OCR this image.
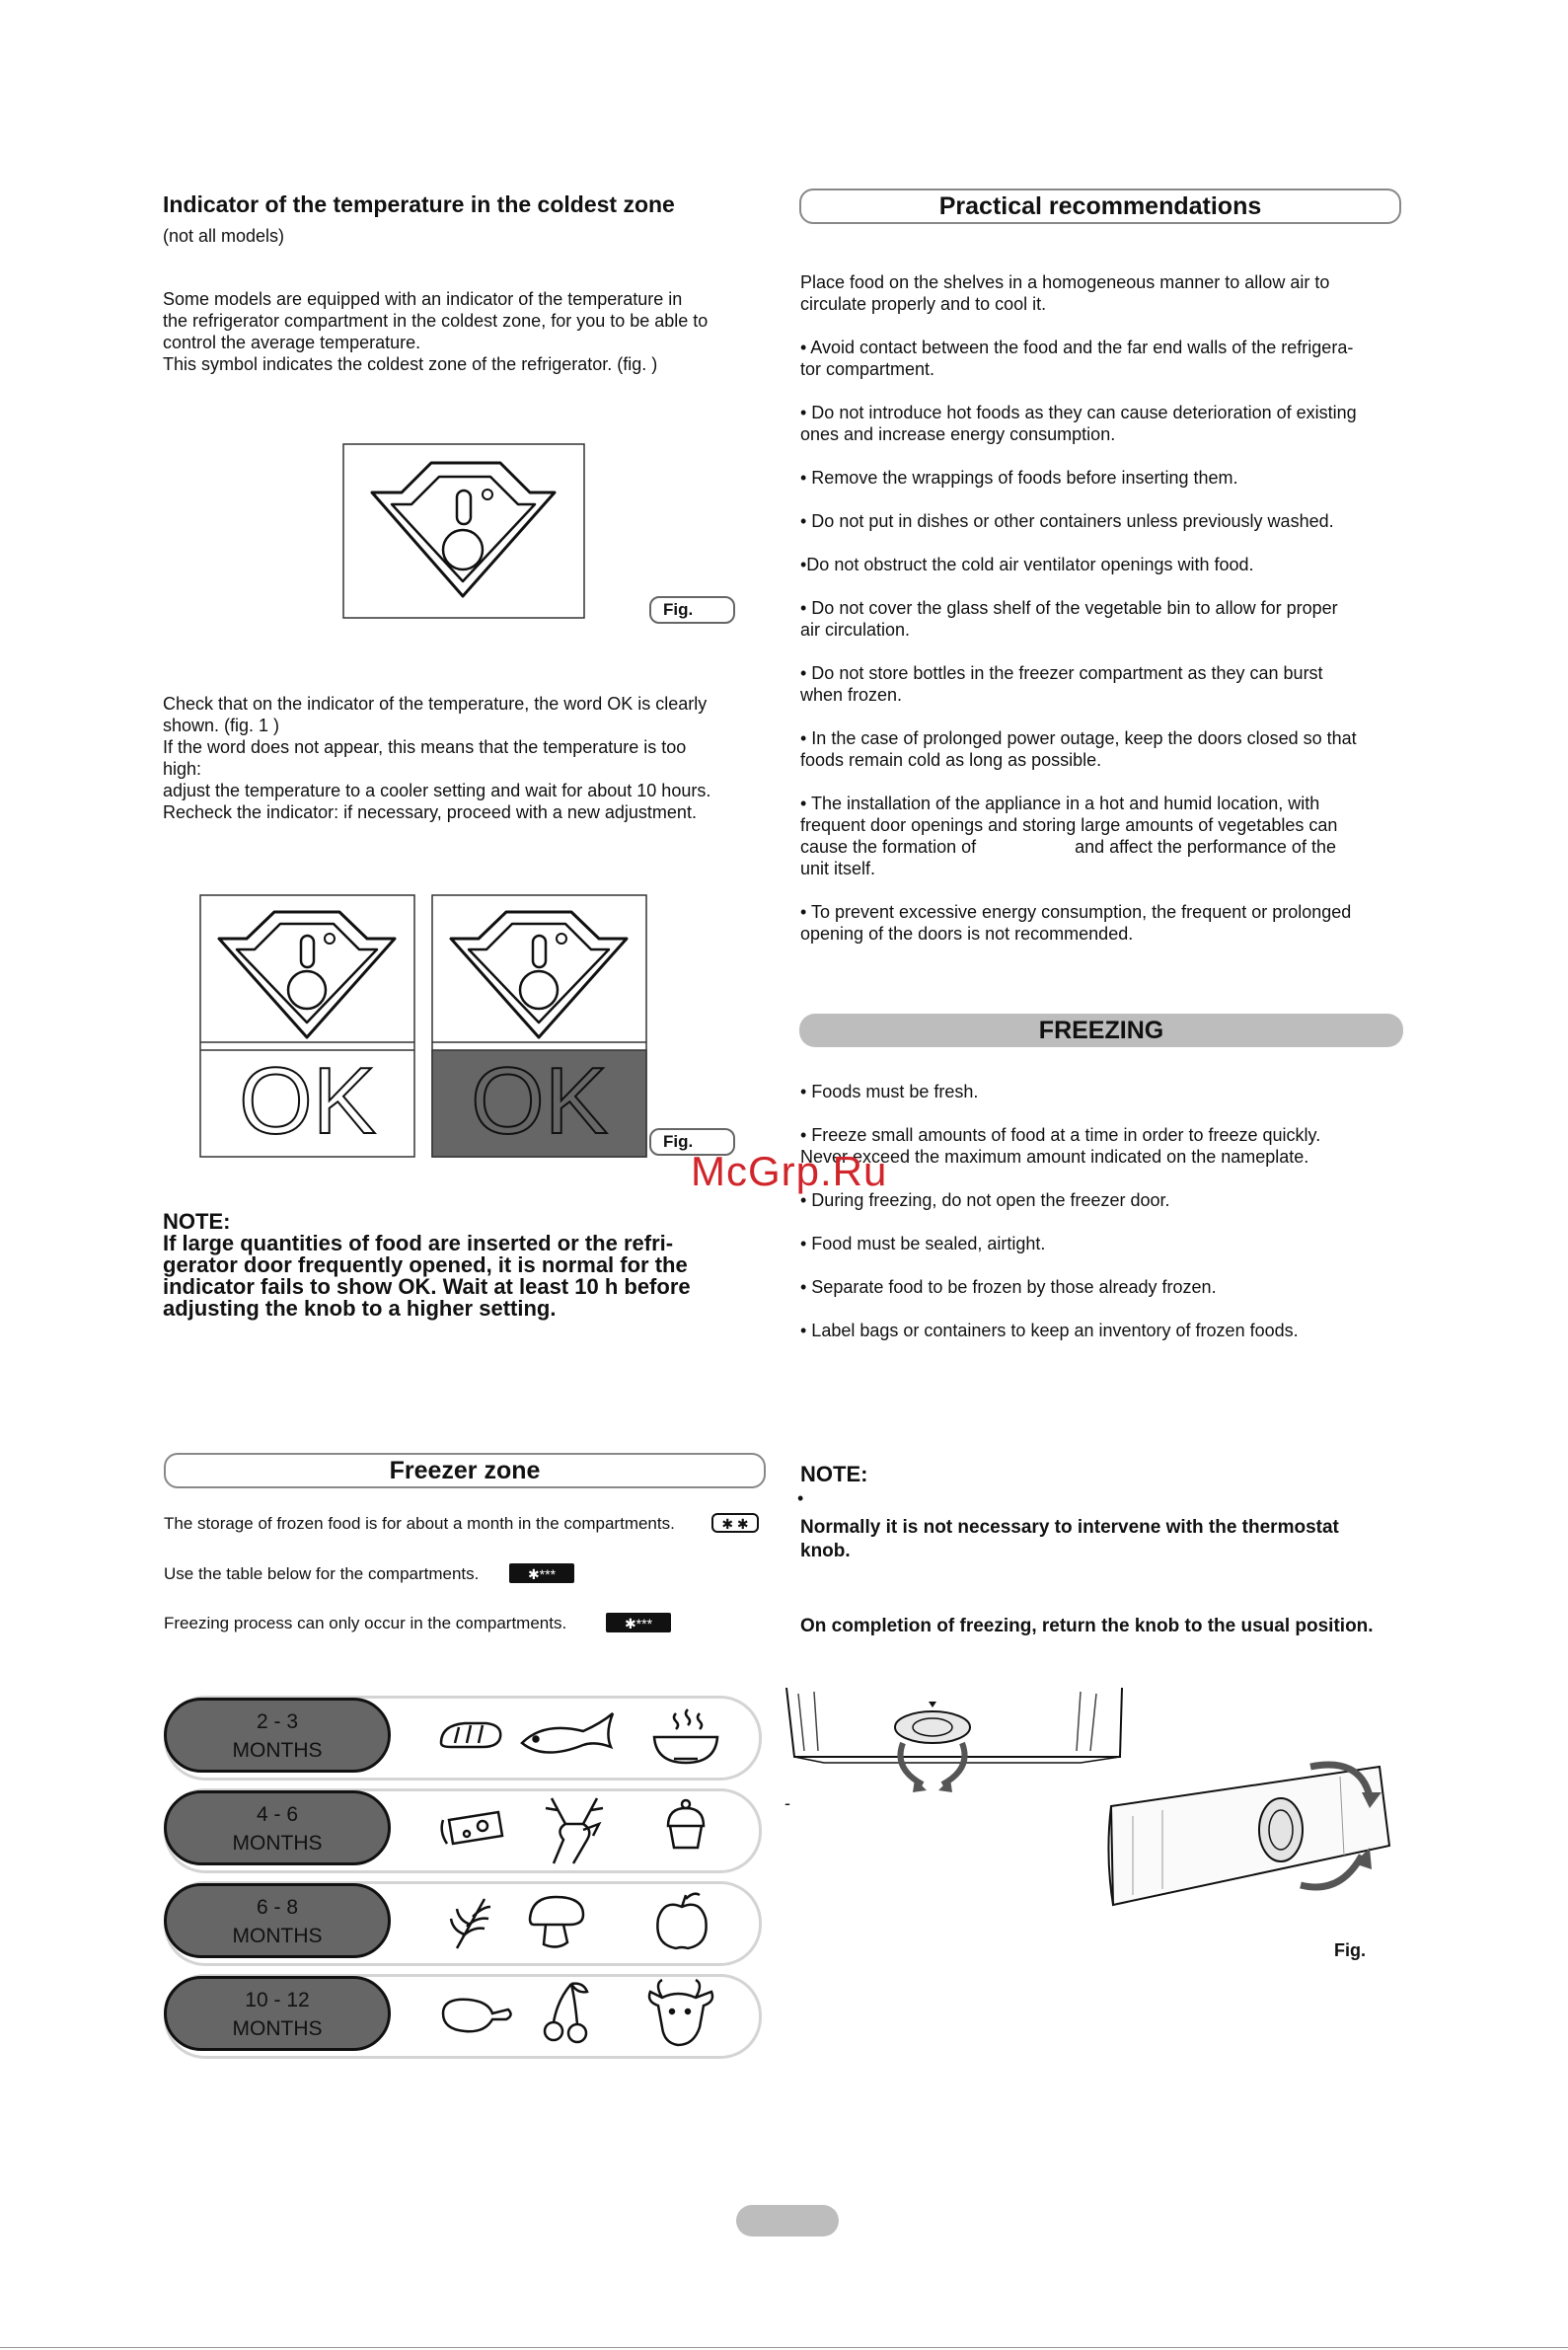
Indicator of the temperature in the coldest zone
(not all models)
Some models are equipped with an indicator of the temperature in
the refrigerator compartment in the coldest zone, for you to be able to
control the average temperature.
This symbol indicates the coldest zone of the refrigerator. (fig. )
Fig.
Check that on the indicator of the temperature, the word OK is clearly
shown. (fig. 1 )
If the word does not appear, this means that the temperature is too
high:
adjust the temperature to a cooler setting and wait for about 10 hours.
Recheck the indicator: if necessary, proceed with a new adjustment.
OK	OK	Fig.
NOTE:
If large quantities of food are inserted or the refri-
gerator door frequently opened, it is normal for the
indicator fails to show OK. Wait at least 10 h before
adjusting the knob to a higher setting.
Freezer zone
The storage of frozen food is for about a month in the compartments.	✱ ✱
Use the table below for the compartments.	✱***
Freezing process can only occur in the compartments.	✱***
2 - 3
MONTHS
4 - 6
MONTHS
6 - 8
MONTHS
10 - 12
MONTHS
Practical recommendations
Place food on the shelves in a homogeneous manner to allow air to
circulate properly and to cool it.
• Avoid contact between the food and the far end walls of the refrigera-
tor compartment.
• Do not introduce hot foods as they can cause deterioration of existing
ones and increase energy consumption.
• Remove the wrappings of foods before inserting them.
• Do not put in dishes or other containers unless previously washed.
•Do not obstruct the cold air ventilator openings with food.
• Do not cover the glass shelf of the vegetable bin to allow for proper
air circulation.
• Do not store bottles in the freezer compartment as they can burst
when frozen.
• In the case of prolonged power outage, keep the doors closed so that
foods remain cold as long as possible.
• The installation of the appliance in a hot and humid location, with
frequent door openings and storing large amounts of vegetables can
cause the formation of                    and affect the performance of the
unit itself.
• To prevent excessive energy consumption, the frequent or prolonged
opening of the doors is not recommended.
FREEZING
• Foods must be fresh.
• Freeze small amounts of food at a time in order to freeze quickly.
Never exceed the maximum amount indicated on the nameplate.
• During freezing, do not open the freezer door.
• Food must be sealed, airtight.
• Separate food to be frozen by those already frozen.
• Label bags or containers to keep an inventory of frozen foods.
McGrp.Ru
NOTE:
•
Normally it is not necessary to intervene with the thermostat
knob.
On completion of freezing, return the knob to the usual position.
-
Fig.
